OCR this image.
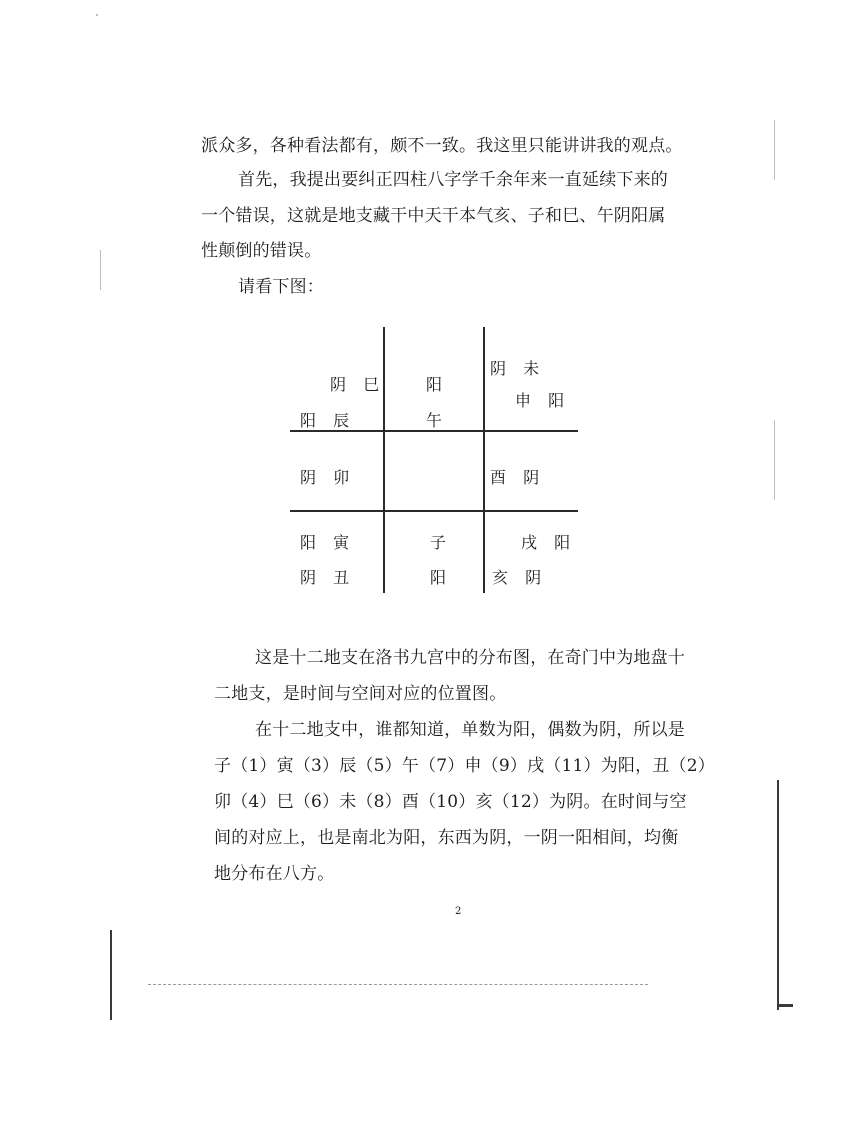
派众多，各种看法都有，颇不一致。我这里只能讲讲我的观点。
首先，我提出要纠正四柱八字学千余年来一直延续下来的
一个错误，这就是地支藏干中天干本气亥、子和巳、午阴阳属
性颠倒的错误。
请看下图：
阴 巳
阳 辰
阳
午
阴 未
申 阳
阴 卯	酉 阴
阳 寅
阴 丑
子
阳
戌 阳
亥 阴
这是十二地支在洛书九宫中的分布图，在奇门中为地盘十
二地支，是时间与空间对应的位置图。
在十二地支中，谁都知道，单数为阳，偶数为阴，所以是
子（1）寅（3）辰（5）午（7）申（9）戌（11）为阳，丑（2）
卯（4）巳（6）未（8）酉（10）亥（12）为阴。在时间与空
间的对应上，也是南北为阳，东西为阴，一阴一阳相间，均衡
地分布在八方。
2
